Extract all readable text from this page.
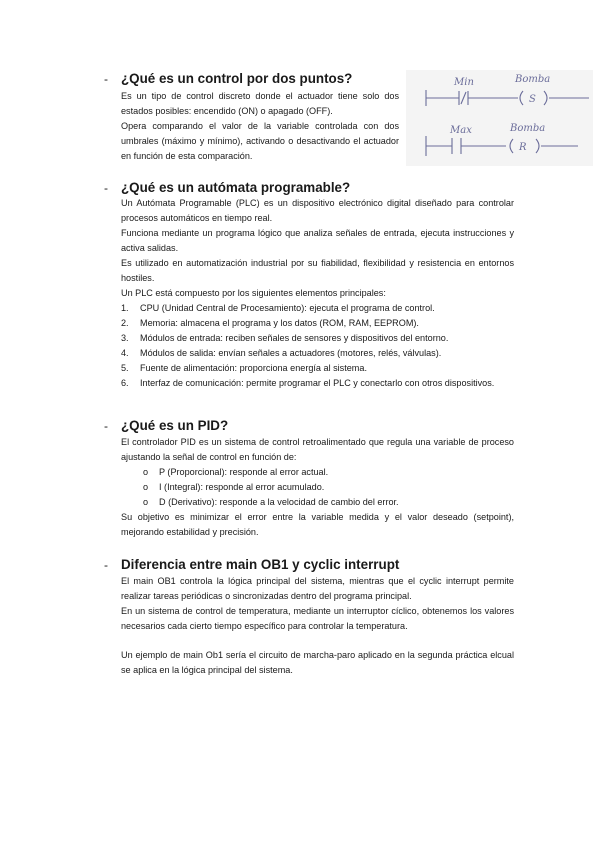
- ¿Qué es un control por dos puntos?
Es un tipo de control discreto donde el actuador tiene solo dos estados posibles: encendido (ON) o apagado (OFF).
Opera comparando el valor de la variable controlada con dos umbrales (máximo y mínimo), activando o desactivando el actuador en función de esta comparación.
Min	Bomba
S
Max	Bomba
R
- ¿Qué es un autómata programable?
Un Autómata Programable (PLC) es un dispositivo electrónico digital diseñado para controlar procesos automáticos en tiempo real.
Funciona mediante un programa lógico que analiza señales de entrada, ejecuta instrucciones y activa salidas.
Es utilizado en automatización industrial por su fiabilidad, flexibilidad y resistencia en entornos hostiles.
Un PLC está compuesto por los siguientes elementos principales:
1. CPU (Unidad Central de Procesamiento): ejecuta el programa de control.
2. Memoria: almacena el programa y los datos (ROM, RAM, EEPROM).
3. Módulos de entrada: reciben señales de sensores y dispositivos del entorno.
4. Módulos de salida: envían señales a actuadores (motores, relés, válvulas).
5. Fuente de alimentación: proporciona energía al sistema.
6. Interfaz de comunicación: permite programar el PLC y conectarlo con otros dispositivos.
- ¿Qué es un PID?
El controlador PID es un sistema de control retroalimentado que regula una variable de proceso ajustando la señal de control en función de:
o P (Proporcional): responde al error actual.
o I (Integral): responde al error acumulado.
o D (Derivativo): responde a la velocidad de cambio del error.
Su objetivo es minimizar el error entre la variable medida y el valor deseado (setpoint), mejorando estabilidad y precisión.
- Diferencia entre main OB1 y cyclic interrupt
El main OB1 controla la lógica principal del sistema, mientras que el cyclic interrupt permite realizar tareas periódicas o sincronizadas dentro del programa principal.
En un sistema de control de temperatura, mediante un interruptor cíclico, obtenemos los valores necesarios cada cierto tiempo específico para controlar la temperatura.
Un ejemplo de main Ob1 sería el circuito de marcha-paro aplicado en la segunda práctica elcual se aplica en la lógica principal del sistema.
